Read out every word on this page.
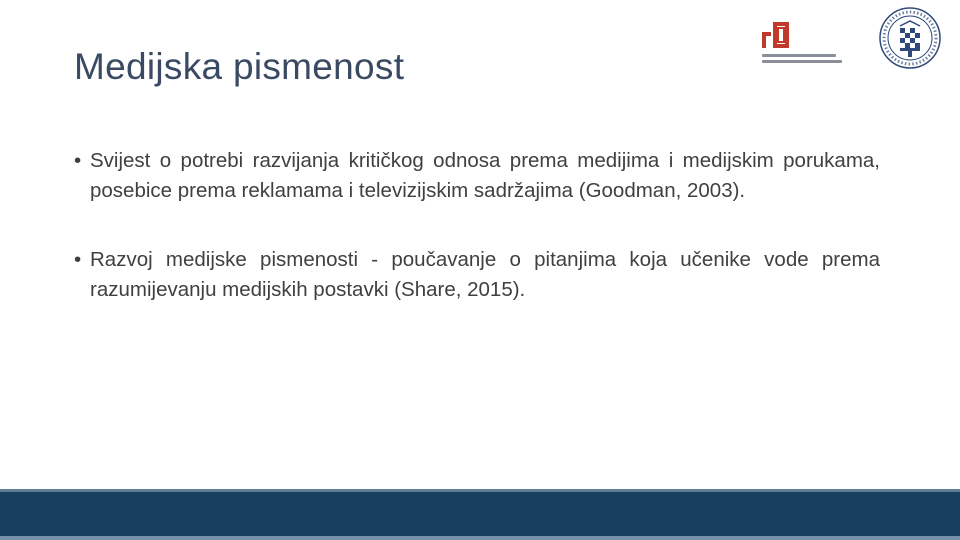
Medijska pismenost
• Svijest o potrebi razvijanja kritičkog odnosa prema medijima i medijskim porukama, posebice prema reklamama i televizijskim sadržajima (Goodman, 2003).
• Razvoj medijske pismenosti - poučavanje o pitanjima koja učenike vode prema razumijevanju medijskih postavki (Share, 2015).
